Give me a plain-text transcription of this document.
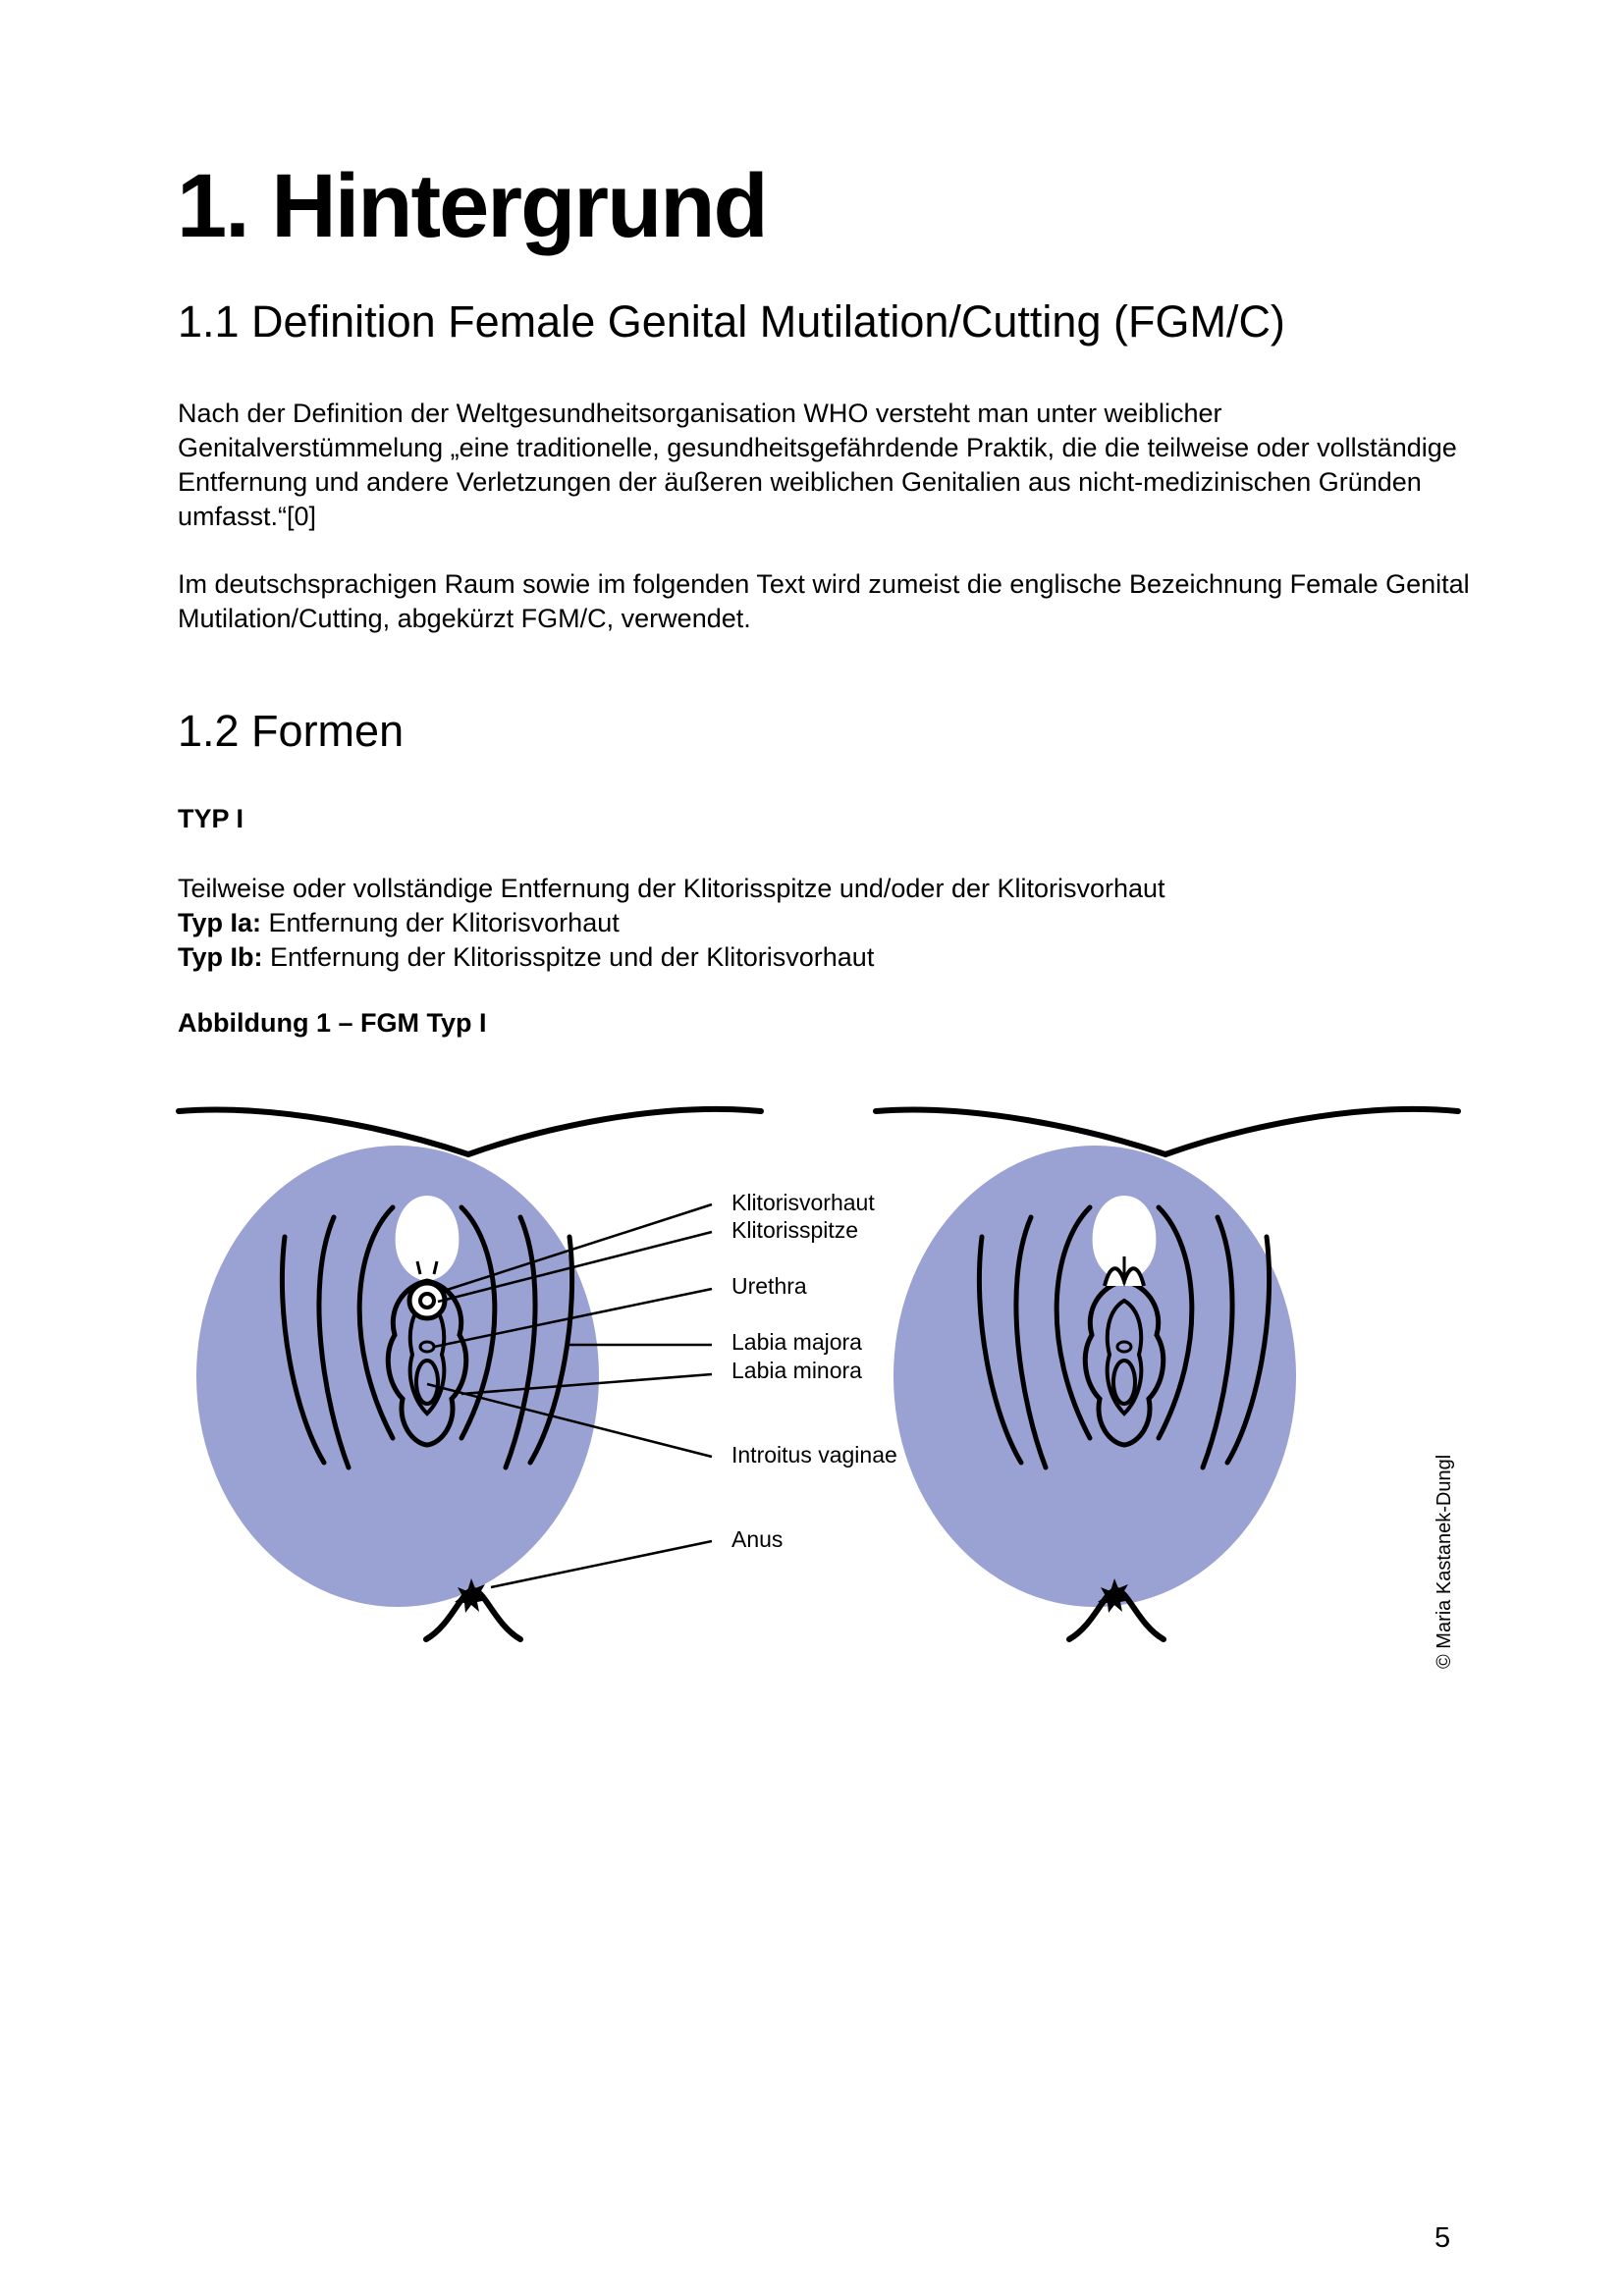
1. Hintergrund
1.1 Definition Female Genital Mutilation/Cutting (FGM/C)

Nach der Definition der Weltgesundheitsorganisation WHO versteht man unter weiblicher Genitalverstümmelung „eine traditionelle, gesundheitsgefährdende Praktik, die die teilweise oder vollständige Entfernung und andere Verletzungen der äußeren weiblichen Genitalien aus nicht-medizinischen Gründen umfasst.“[0]

Im deutschsprachigen Raum sowie im folgenden Text wird zumeist die englische Bezeichnung Female Genital Mutilation/Cutting, abgekürzt FGM/C, verwendet.

1.2 Formen
TYP I
Teilweise oder vollständige Entfernung der Klitorisspitze und/oder der Klitorisvorhaut
Typ Ia: Entfernung der Klitorisvorhaut
Typ Ib: Entfernung der Klitorisspitze und der Klitorisvorhaut
Abbildung 1 – FGM Typ I
Klitorisvorhaut
Klitorisspitze
Urethra
Labia majora
Labia minora
Introitus vaginae
Anus	© Maria Kastanek-Dungl
5
